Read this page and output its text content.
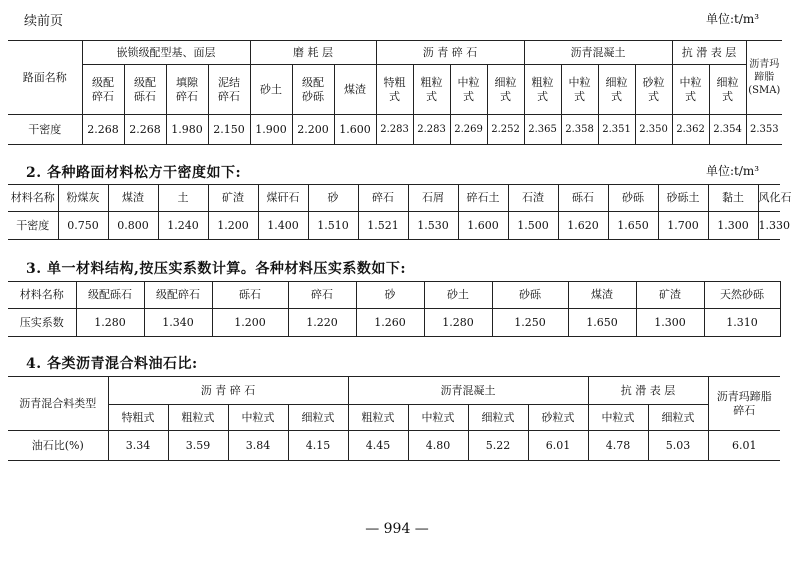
续前页	单位:t/m³
路面名称	嵌锁级配型基、面层				磨 耗 层			沥 青 碎 石				沥青混凝土				抗 滑 表 层		沥青玛蹄脂(SMA)
	级配碎石	级配砾石	填隙碎石	泥结碎石	砂土	级配砂砾	煤渣	特粗式	粗粒式	中粒式	细粒式	粗粒式	中粒式	细粒式	砂粒式	中粒式	细粒式	
干密度	2.268	2.268	1.980	2.150	1.900	2.200	1.600	2.283	2.283	2.269	2.252	2.365	2.358	2.351	2.350	2.362	2.354	2.353
2. 各种路面材料松方干密度如下:	单位:t/m³
材料名称	粉煤灰	煤渣	土	矿渣	煤矸石	砂	碎石	石屑	碎石土	石渣	砾石	砂砾	砂砾土	黏土	风化石
干密度	0.750	0.800	1.240	1.200	1.400	1.510	1.521	1.530	1.600	1.500	1.620	1.650	1.700	1.300	1.330
3. 单一材料结构,按压实系数计算。各种材料压实系数如下:
材料名称	级配砾石	级配碎石	砾石	碎石	砂	砂土	砂砾	煤渣	矿渣	天然砂砾	
压实系数	1.280	1.340	1.200	1.220	1.260	1.280	1.250	1.650	1.300	1.310	
4. 各类沥青混合料油石比:
沥青混合料类型	沥 青 碎 石				沥青混凝土				抗 滑 表 层		沥青玛蹄脂碎石
	特粗式	粗粒式	中粒式	细粒式	粗粒式	中粒式	细粒式	砂粒式	中粒式	细粒式	
油石比(%)	3.34	3.59	3.84	4.15	4.45	4.80	5.22	6.01	4.78	5.03	6.01
— 994 —
